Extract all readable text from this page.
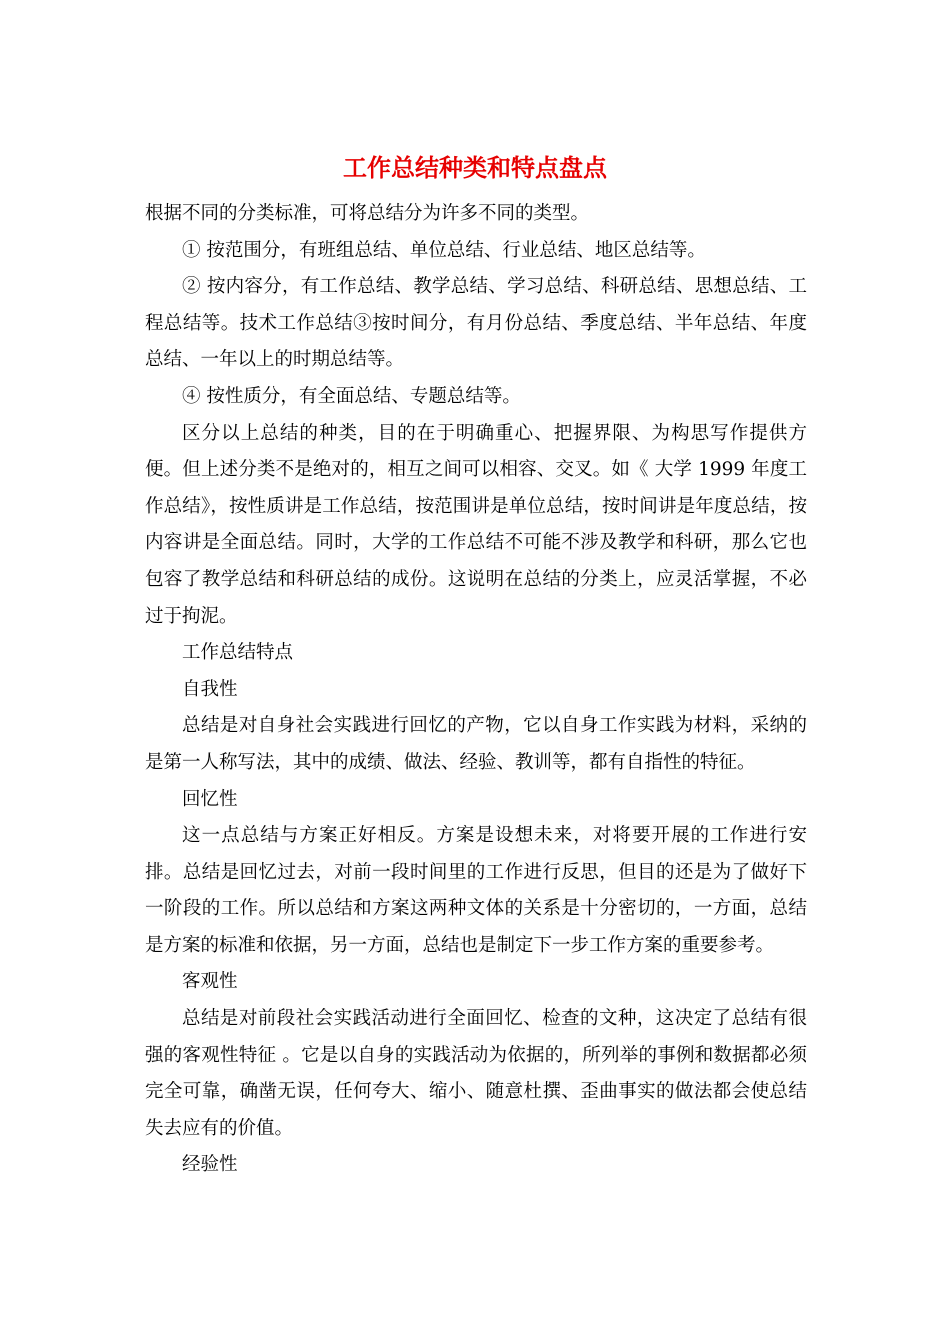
工作总结种类和特点盘点

根据不同的分类标准，可将总结分为许多不同的类型。

① 按范围分，有班组总结、单位总结、行业总结、地区总结等。

② 按内容分，有工作总结、教学总结、学习总结、科研总结、思想总结、工程总结等。技术工作总结③按时间分，有月份总结、季度总结、半年总结、年度总结、一年以上的时期总结等。

④ 按性质分，有全面总结、专题总结等。

区分以上总结的种类，目的在于明确重心、把握界限、为构思写作提供方便。但上述分类不是绝对的，相互之间可以相容、交叉。如《 大学 1999 年度工作总结》，按性质讲是工作总结，按范围讲是单位总结，按时间讲是年度总结，按内容讲是全面总结。同时，大学的工作总结不可能不涉及教学和科研，那么它也包容了教学总结和科研总结的成份。这说明在总结的分类上，应灵活掌握，不必过于拘泥。

工作总结特点

自我性

总结是对自身社会实践进行回忆的产物，它以自身工作实践为材料，采纳的是第一人称写法，其中的成绩、做法、经验、教训等，都有自指性的特征。

回忆性

这一点总结与方案正好相反。方案是设想未来，对将要开展的工作进行安排。总结是回忆过去，对前一段时间里的工作进行反思，但目的还是为了做好下一阶段的工作。所以总结和方案这两种文体的关系是十分密切的，一方面，总结是方案的标准和依据，另一方面，总结也是制定下一步工作方案的重要参考。

客观性

总结是对前段社会实践活动进行全面回忆、检查的文种，这决定了总结有很强的客观性特征 。它是以自身的实践活动为依据的，所列举的事例和数据都必须完全可靠，确凿无误，任何夸大、缩小、随意杜撰、歪曲事实的做法都会使总结失去应有的价值。

经验性
